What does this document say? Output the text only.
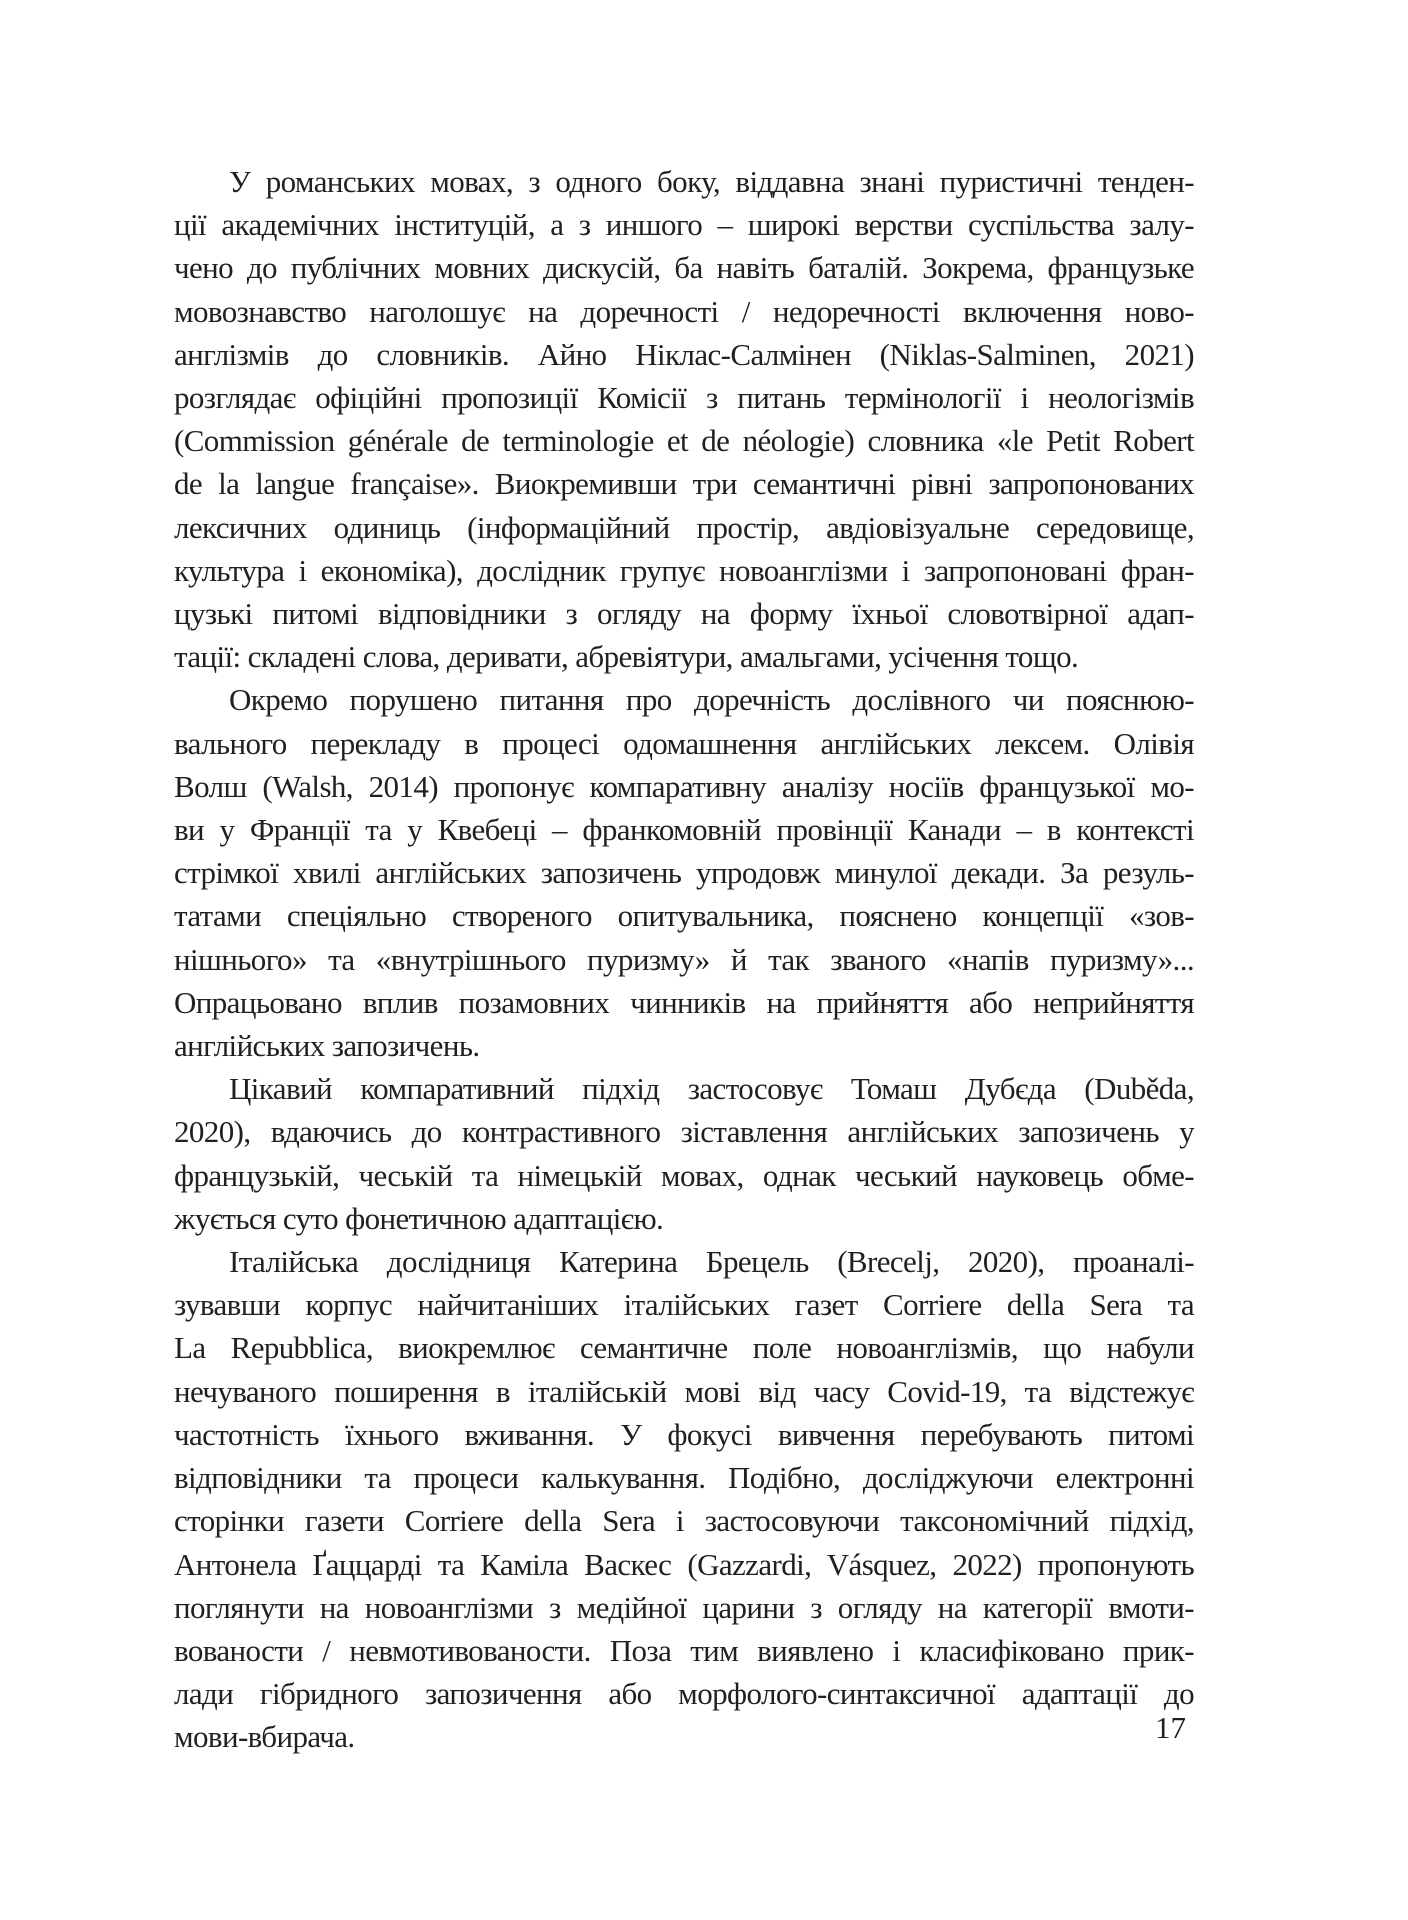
У романських мовах, з одного боку, віддавна знані пуристичні тенден-
ції академічних інституцій, а з иншого – широкі верстви суспільства залу-
чено до публічних мовних дискусій, ба навіть баталій. Зокрема, французьке
мовознавство наголошує на доречності / недоречності включення ново-
англізмів до словників. Айно Ніклас-Салмінен (Niklas-Salminen, 2021)
розглядає офіційні пропозиції Комісії з питань термінології і неологізмів
(Commission générale de terminologie et de néologie) словника «le Petit Robert
de la langue française». Виокремивши три семантичні рівні запропонованих
лексичних одиниць (інформаційний простір, авдіовізуальне середовище,
культура і економіка), дослідник групує новоанглізми і запропоновані фран-
цузькі питомі відповідники з огляду на форму їхньої словотвірної адап-
тації: складені слова, деривати, абревіятури, амальгами, усічення тощо.
Окремо порушено питання про доречність дослівного чи пояснюю-
вального перекладу в процесі одомашнення англійських лексем. Олівія
Волш (Walsh, 2014) пропонує компаративну аналізу носіїв французької мо-
ви у Франції та у Квебеці – франкомовній провінції Канади – в контексті
стрімкої хвилі англійських запозичень упродовж минулої декади. За резуль-
татами спеціяльно створеного опитувальника, пояснено концепції «зов-
нішнього» та «внутрішнього пуризму» й так званого «напів пуризму»...
Опрацьовано вплив позамовних чинників на прийняття або неприйняття
англійських запозичень.
Цікавий компаративний підхід застосовує Томаш Дубєда (Duběda,
2020), вдаючись до контрастивного зіставлення англійських запозичень у
французькій, чеській та німецькій мовах, однак чеський науковець обме-
жується суто фонетичною адаптацією.
Італійська дослідниця Катерина Брецель (Brecelj, 2020), проаналі-
зувавши корпус найчитаніших італійських газет Corriere della Sera та
La Repubblica, виокремлює семантичне поле новоанглізмів, що набули
нечуваного поширення в італійській мові від часу Covid-19, та відстежує
частотність їхнього вживання. У фокусі вивчення перебувають питомі
відповідники та процеси калькування. Подібно, досліджуючи електронні
сторінки газети Corriere della Sera і застосовуючи таксономічний підхід,
Антонела Ґаццарді та Каміла Васкес (Gazzardi, Vásquez, 2022) пропонують
поглянути на новоанглізми з медійної царини з огляду на категорії вмоти-
вованости / невмотивованости. Поза тим виявлено і класифіковано прик-
лади гібридного запозичення або морфолого-синтаксичної адаптації до
мови-вбирача.	17
